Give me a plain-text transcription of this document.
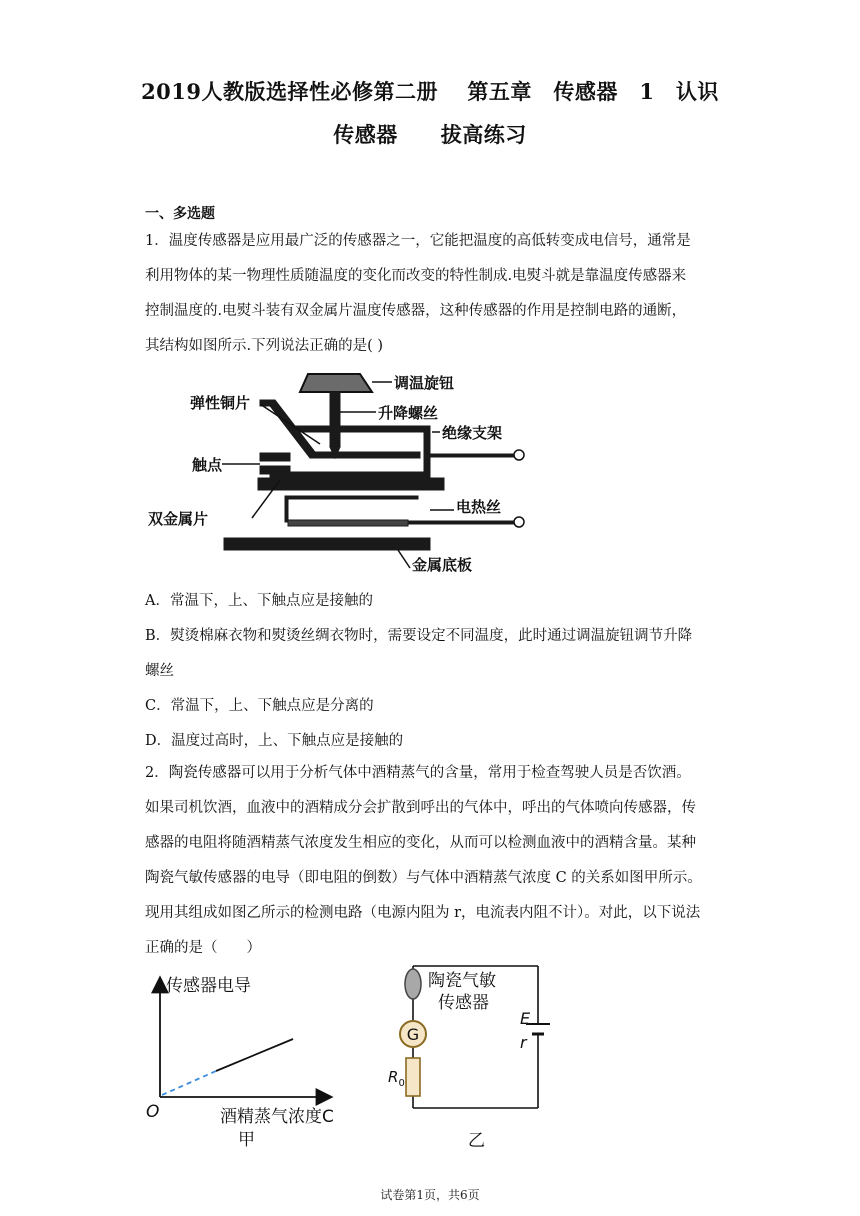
2019人教版选择性必修第二册　 第五章　传感器　1　认识
传感器　　拔高练习
一、多选题
1．温度传感器是应用最广泛的传感器之一，它能把温度的高低转变成电信号，通常是
利用物体的某一物理性质随温度的变化而改变的特性制成.电熨斗就是靠温度传感器来
控制温度的.电熨斗装有双金属片温度传感器，这种传感器的作用是控制电路的通断，
其结构如图所示.下列说法正确的是( )
调温旋钮
升降螺丝
弹性铜片
绝缘支架
触点
电热丝
双金属片
金属底板
A．常温下，上、下触点应是接触的
B．熨烫棉麻衣物和熨烫丝绸衣物时，需要设定不同温度，此时通过调温旋钮调节升降
螺丝
C．常温下，上、下触点应是分离的
D．温度过高时，上、下触点应是接触的
2．陶瓷传感器可以用于分析气体中酒精蒸气的含量，常用于检查驾驶人员是否饮酒。
如果司机饮酒，血液中的酒精成分会扩散到呼出的气体中，呼出的气体喷向传感器，传
感器的电阻将随酒精蒸气浓度发生相应的变化，从而可以检测血液中的酒精含量。某种
陶瓷气敏传感器的电导（即电阻的倒数）与气体中酒精蒸气浓度 C 的关系如图甲所示。
现用其组成如图乙所示的检测电路（电源内阻为 r，电流表内阻不计）。对此，以下说法
正确的是（　　）
传感器电导
酒精蒸气浓度C
O
甲
G
$R_0$
陶瓷气敏
传感器
E
r
乙
试卷第1页，共6页
